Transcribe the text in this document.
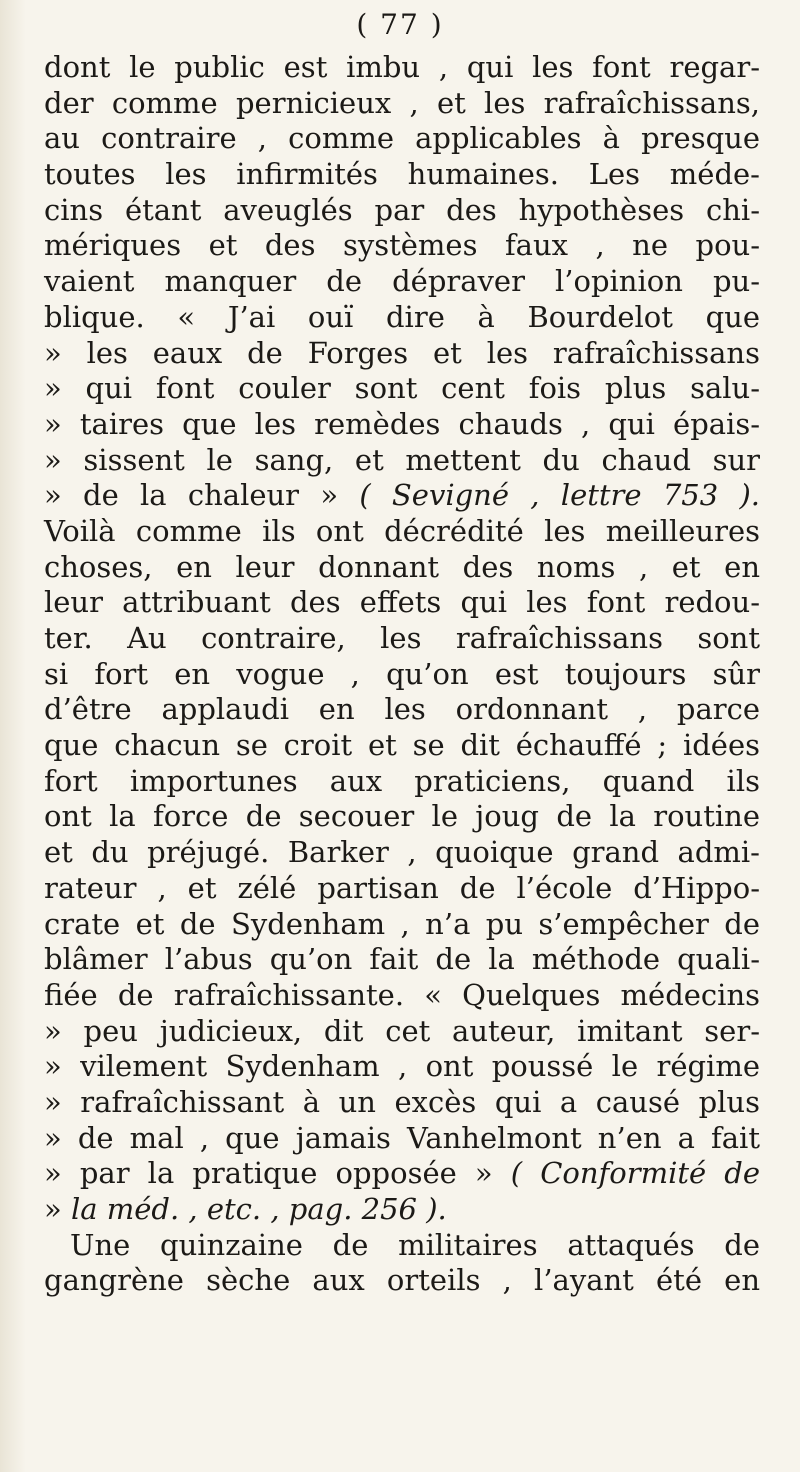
( 77 )
dont le public est imbu , qui les font regar-
der comme pernicieux , et les rafraîchissans,
au contraire , comme applicables à presque
toutes les infirmités humaines. Les méde-
cins étant aveuglés par des hypothèses chi-
mériques et des systèmes faux , ne pou-
vaient manquer de dépraver l’opinion pu-
blique. « J’ai ouï dire à Bourdelot que
» les eaux de Forges et les rafraîchissans
» qui font couler sont cent fois plus salu-
» taires que les remèdes chauds , qui épais-
» sissent le sang, et mettent du chaud sur
» de la chaleur » ( Sevigné , lettre 753 ).
Voilà comme ils ont décrédité les meilleures
choses, en leur donnant des noms , et en
leur attribuant des effets qui les font redou-
ter. Au contraire, les rafraîchissans sont
si fort en vogue , qu’on est toujours sûr
d’être applaudi en les ordonnant , parce
que chacun se croit et se dit échauffé ; idées
fort importunes aux praticiens, quand ils
ont la force de secouer le joug de la routine
et du préjugé. Barker , quoique grand admi-
rateur , et zélé partisan de l’école d’Hippo-
crate et de Sydenham , n’a pu s’empêcher de
blâmer l’abus qu’on fait de la méthode quali-
fiée de rafraîchissante. « Quelques médecins
» peu judicieux, dit cet auteur, imitant ser-
» vilement Sydenham , ont poussé le régime
» rafraîchissant à un excès qui a causé plus
» de mal , que jamais Vanhelmont n’en a fait
» par la pratique opposée » ( Conformité de
» la méd. , etc. , pag. 256 ).
Une quinzaine de militaires attaqués de
gangrène sèche aux orteils , l’ayant été en
